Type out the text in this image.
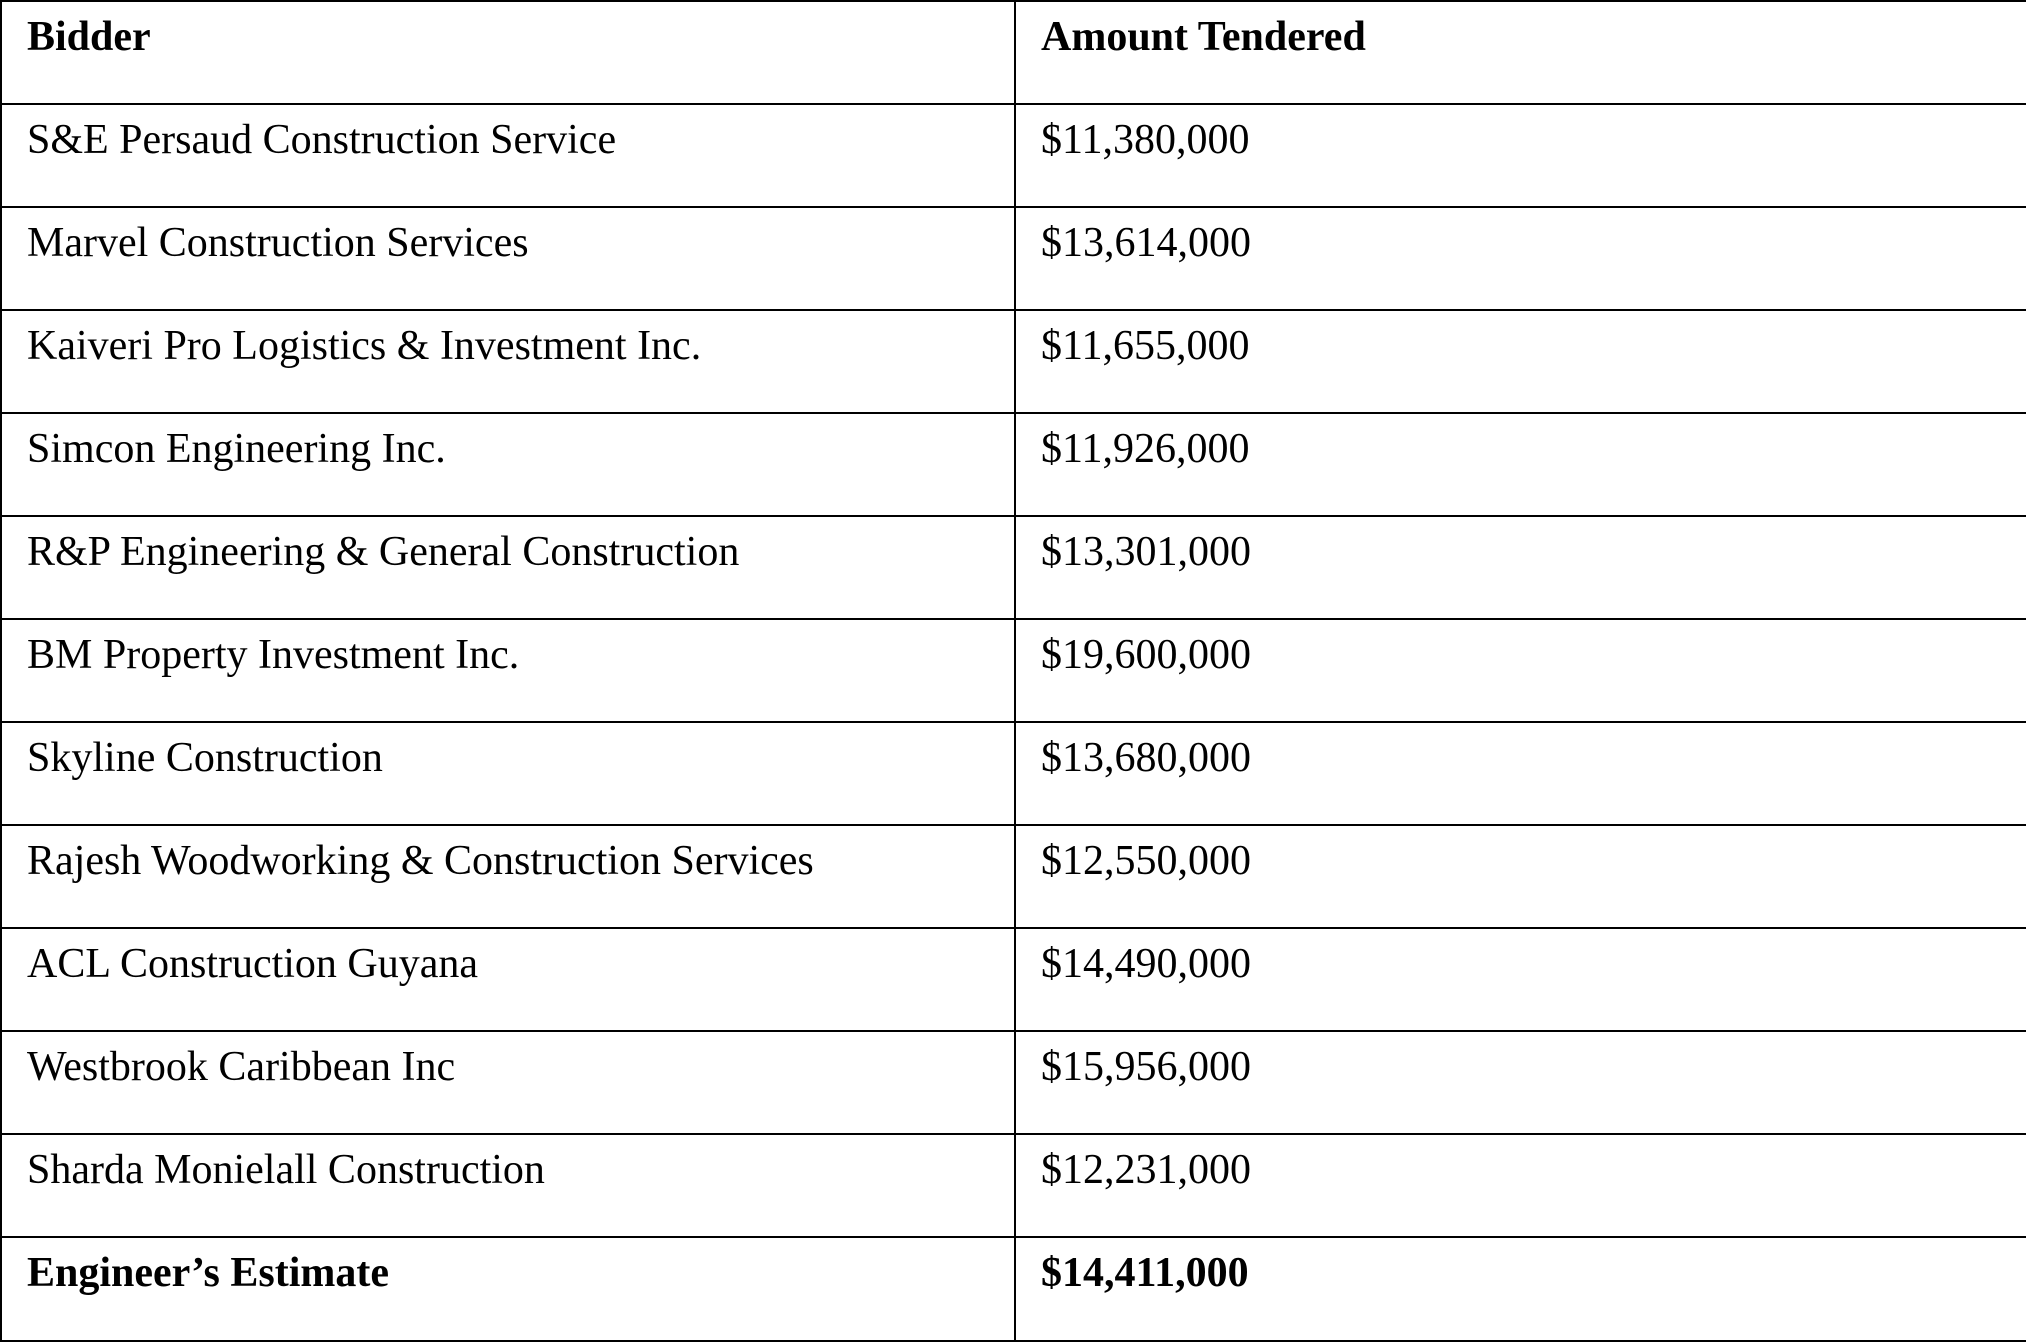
Bidder	Amount Tendered
S&E Persaud Construction Service	$11,380,000
Marvel Construction Services	$13,614,000
Kaiveri Pro Logistics & Investment Inc.	$11,655,000
Simcon Engineering Inc.	$11,926,000
R&P Engineering & General Construction	$13,301,000
BM Property Investment Inc.	$19,600,000
Skyline Construction	$13,680,000
Rajesh Woodworking & Construction Services	$12,550,000
ACL Construction Guyana	$14,490,000
Westbrook Caribbean Inc	$15,956,000
Sharda Monielall Construction	$12,231,000
Engineer’s Estimate	$14,411,000
